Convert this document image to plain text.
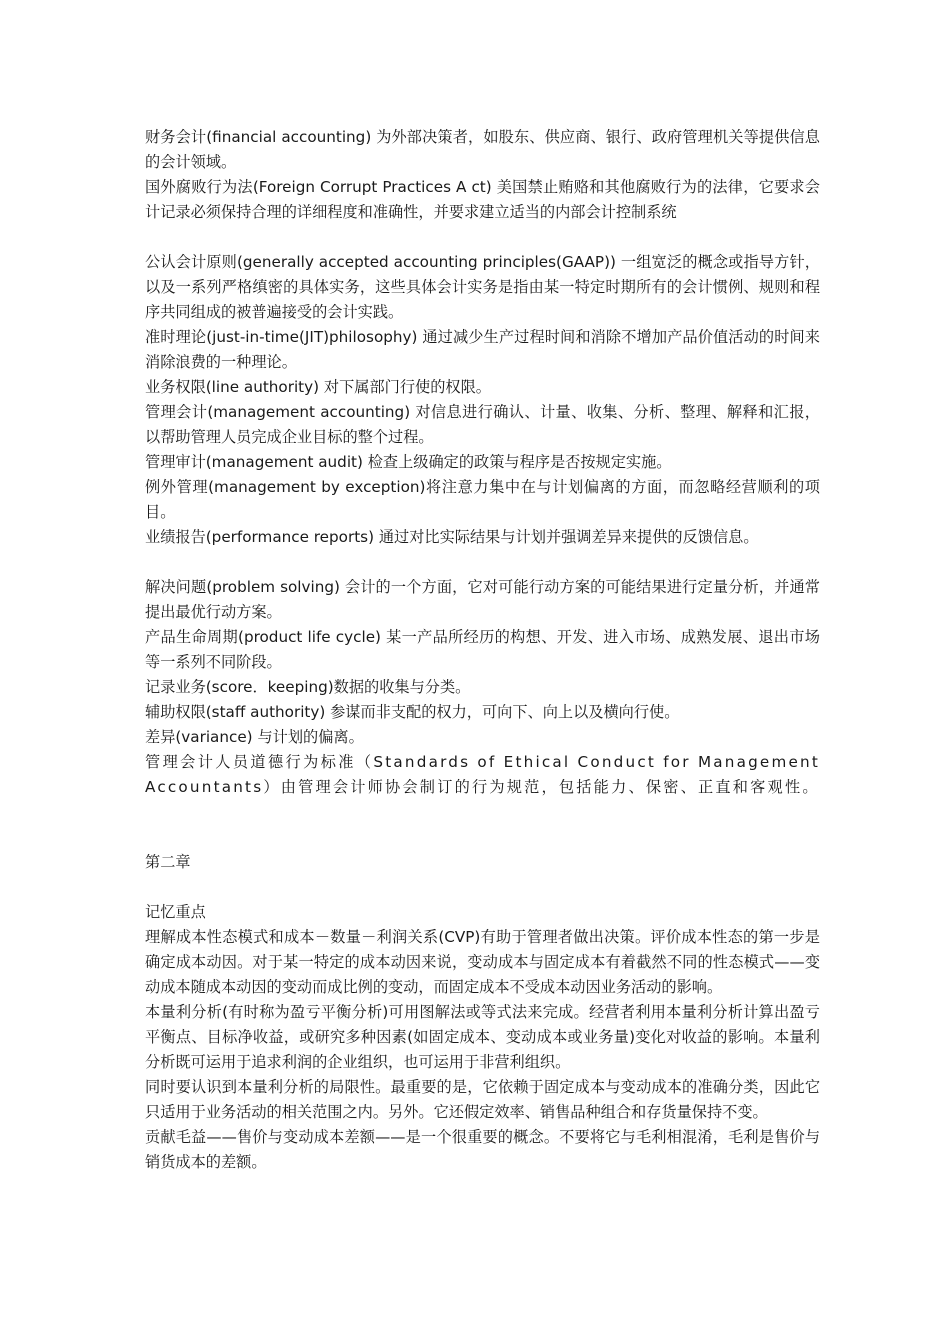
财务会计(financial accounting) 为外部决策者，如股东、供应商、银行、政府管理机关等提供信息的会计领域。

国外腐败行为法(Foreign Corrupt Practices A ct) 美国禁止贿赂和其他腐败行为的法律，它要求会计记录必须保持合理的详细程度和准确性，并要求建立适当的内部会计控制系统

公认会计原则(generally accepted accounting principles(GAAP)) 一组宽泛的概念或指导方针，以及一系列严格缜密的具体实务，这些具体会计实务是指由某一特定时期所有的会计惯例、规则和程序共同组成的被普遍接受的会计实践。

准时理论(just-in-time(JIT)philosophy) 通过减少生产过程时间和消除不增加产品价值活动的时间来消除浪费的一种理论。

业务权限(line authority) 对下属部门行使的权限。

管理会计(management accounting) 对信息进行确认、计量、收集、分析、整理、解释和汇报，以帮助管理人员完成企业目标的整个过程。

管理审计(management audit) 检查上级确定的政策与程序是否按规定实施。

例外管理(management by exception)将注意力集中在与计划偏离的方面，而忽略经营顺利的项目。

业绩报告(performance reports) 通过对比实际结果与计划并强调差异来提供的反馈信息。

解决问题(problem solving) 会计的一个方面，它对可能行动方案的可能结果进行定量分析，并通常提出最优行动方案。

产品生命周期(product life cycle) 某一产品所经历的构想、开发、进入市场、成熟发展、退出市场等一系列不同阶段。

记录业务(score．keeping)数据的收集与分类。

辅助权限(staff authority) 参谋而非支配的权力，可向下、向上以及横向行使。

差异(variance) 与计划的偏离。

管理会计人员道德行为标准（Standards of Ethical Conduct for Management Accountants）由管理会计师协会制订的行为规范，包括能力、保密、正直和客观性。

第二章

记忆重点

理解成本性态模式和成本－数量－利润关系(CVP)有助于管理者做出决策。评价成本性态的第一步是确定成本动因。对于某一特定的成本动因来说，变动成本与固定成本有着截然不同的性态模式——变动成本随成本动因的变动而成比例的变动，而固定成本不受成本动因业务活动的影响。

本量利分析(有时称为盈亏平衡分析)可用图解法或等式法来完成。经营者利用本量利分析计算出盈亏平衡点、目标净收益，或研究多种因素(如固定成本、变动成本或业务量)变化对收益的影响。本量利分析既可运用于追求利润的企业组织，也可运用于非营利组织。

同时要认识到本量利分析的局限性。最重要的是，它依赖于固定成本与变动成本的准确分类，因此它只适用于业务活动的相关范围之内。另外。它还假定效率、销售品种组合和存货量保持不变。

贡献毛益——售价与变动成本差额——是一个很重要的概念。不要将它与毛利相混淆，毛利是售价与销货成本的差额。
